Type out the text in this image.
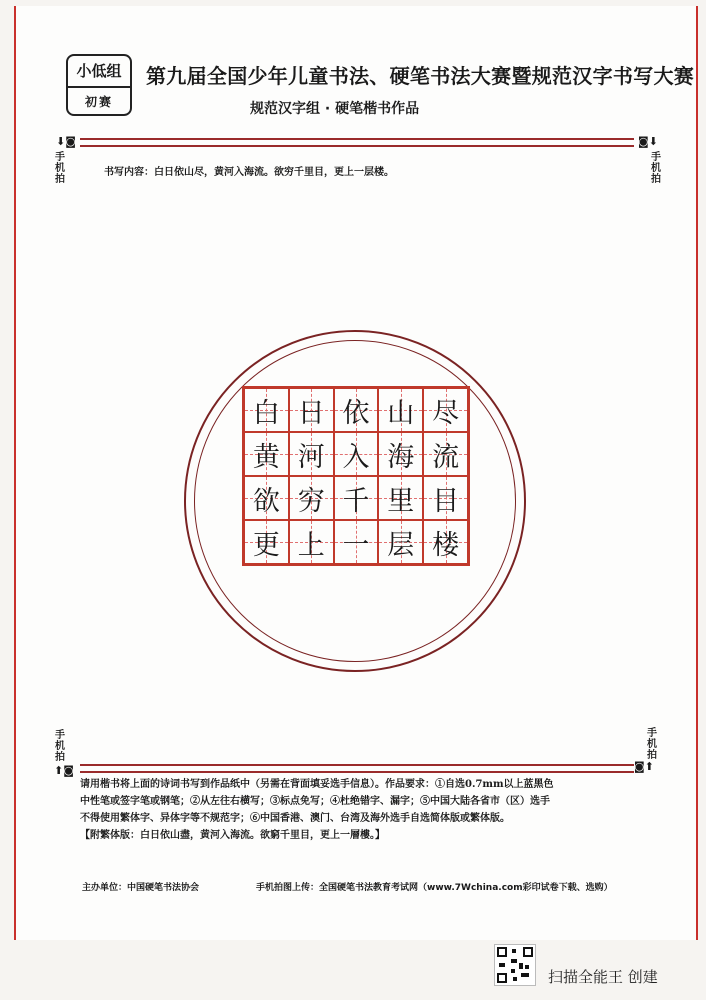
小低组
初赛
第九届全国少年儿童书法、硬笔书法大赛暨规范汉字书写大赛
规范汉字组 · 硬笔楷书作品
⬇◙	◙⬇
手机拍
手机拍
书写内容：白日依山尽，黄河入海流。欲穷千里目，更上一层楼。
白 日 依 山 尽
黄 河 入 海 流
欲 穷 千 里 目
更 上 一 层 楼
手机拍
手机拍
⬆◙	◙⬆
请用楷书将上面的诗词书写到作品纸中（另需在背面填妥选手信息）。作品要求：①自选0.7mm以上蓝黑色
中性笔或签字笔或钢笔；②从左往右横写；③标点免写；④杜绝错字、漏字；⑤中国大陆各省市（区）选手
不得使用繁体字、异体字等不规范字；⑥中国香港、澳门、台湾及海外选手自选简体版或繁体版。
【附繁体版：白日依山盡，黄河入海流。欲窮千里目，更上一層樓。】
主办单位：中国硬笔书法协会	手机拍图上传：全国硬笔书法教育考试网（www.7Wchina.com彩印试卷下载、选购）
扫描全能王 创建
